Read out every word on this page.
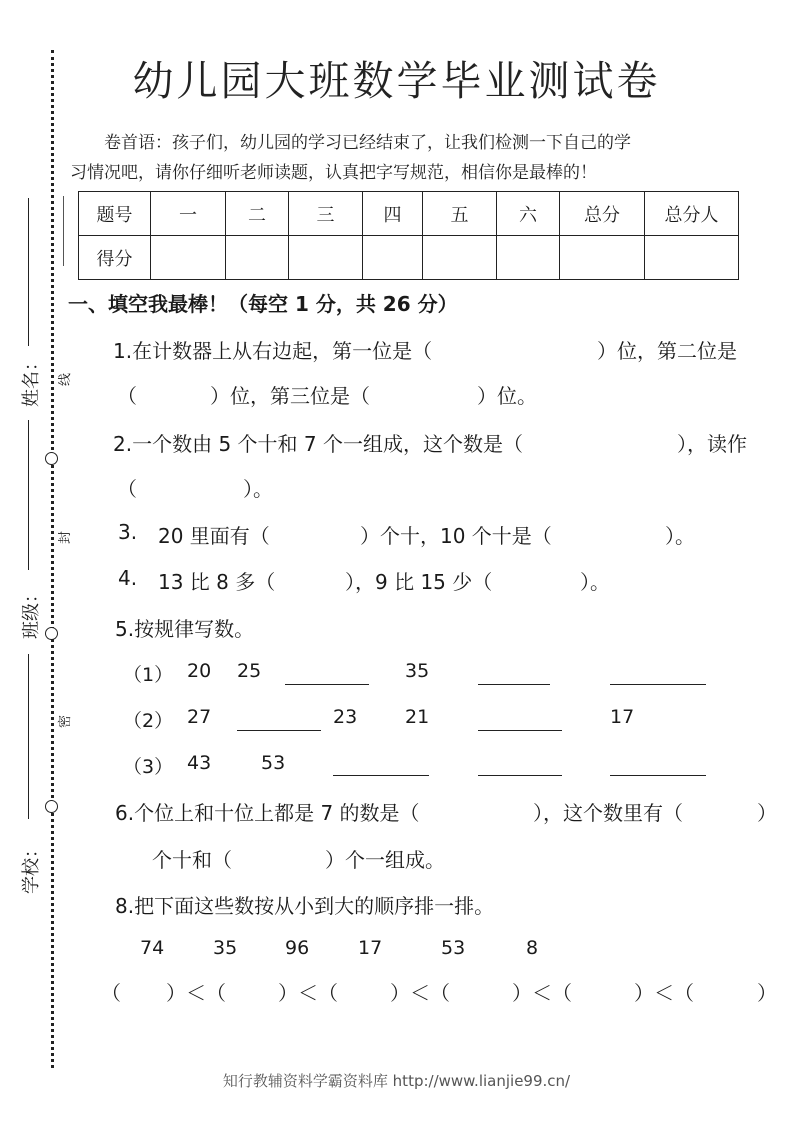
姓名：
班级：
学校：
线
封
密
幼儿园大班数学毕业测试卷
卷首语：孩子们，幼儿园的学习已经结束了，让我们检测一下自己的学
习情况吧，请你仔细听老师读题，认真把字写规范，相信你是最棒的！
题号	一	二	三	四	五	六	总分	总分人
得分								
一、填空我最棒！（每空 1 分，共 26 分）
1.在计数器上从右边起，第一位是（	）位，第二位是
（	）位，第三位是（	）位。
2.一个数由 5 个十和 7 个一组成，这个数是（	），读作
（	）。
3. 20 里面有（	）个十，10 个十是（	）。
4. 13 比 8 多（	），9 比 15 少（	）。
5.按规律写数。
（1） 20 25	35
（2） 27	23	21	17
（3） 43	53
6.个位上和十位上都是 7 的数是（	），这个数里有（	）
个十和（	）个一组成。
8.把下面这些数按从小到大的顺序排一排。
74	35	96	17	53	8
（ ）＜（	）＜（	）＜（	）＜（	）＜（	）
知行教辅资料学霸资料库 http://www.lianjie99.cn/
